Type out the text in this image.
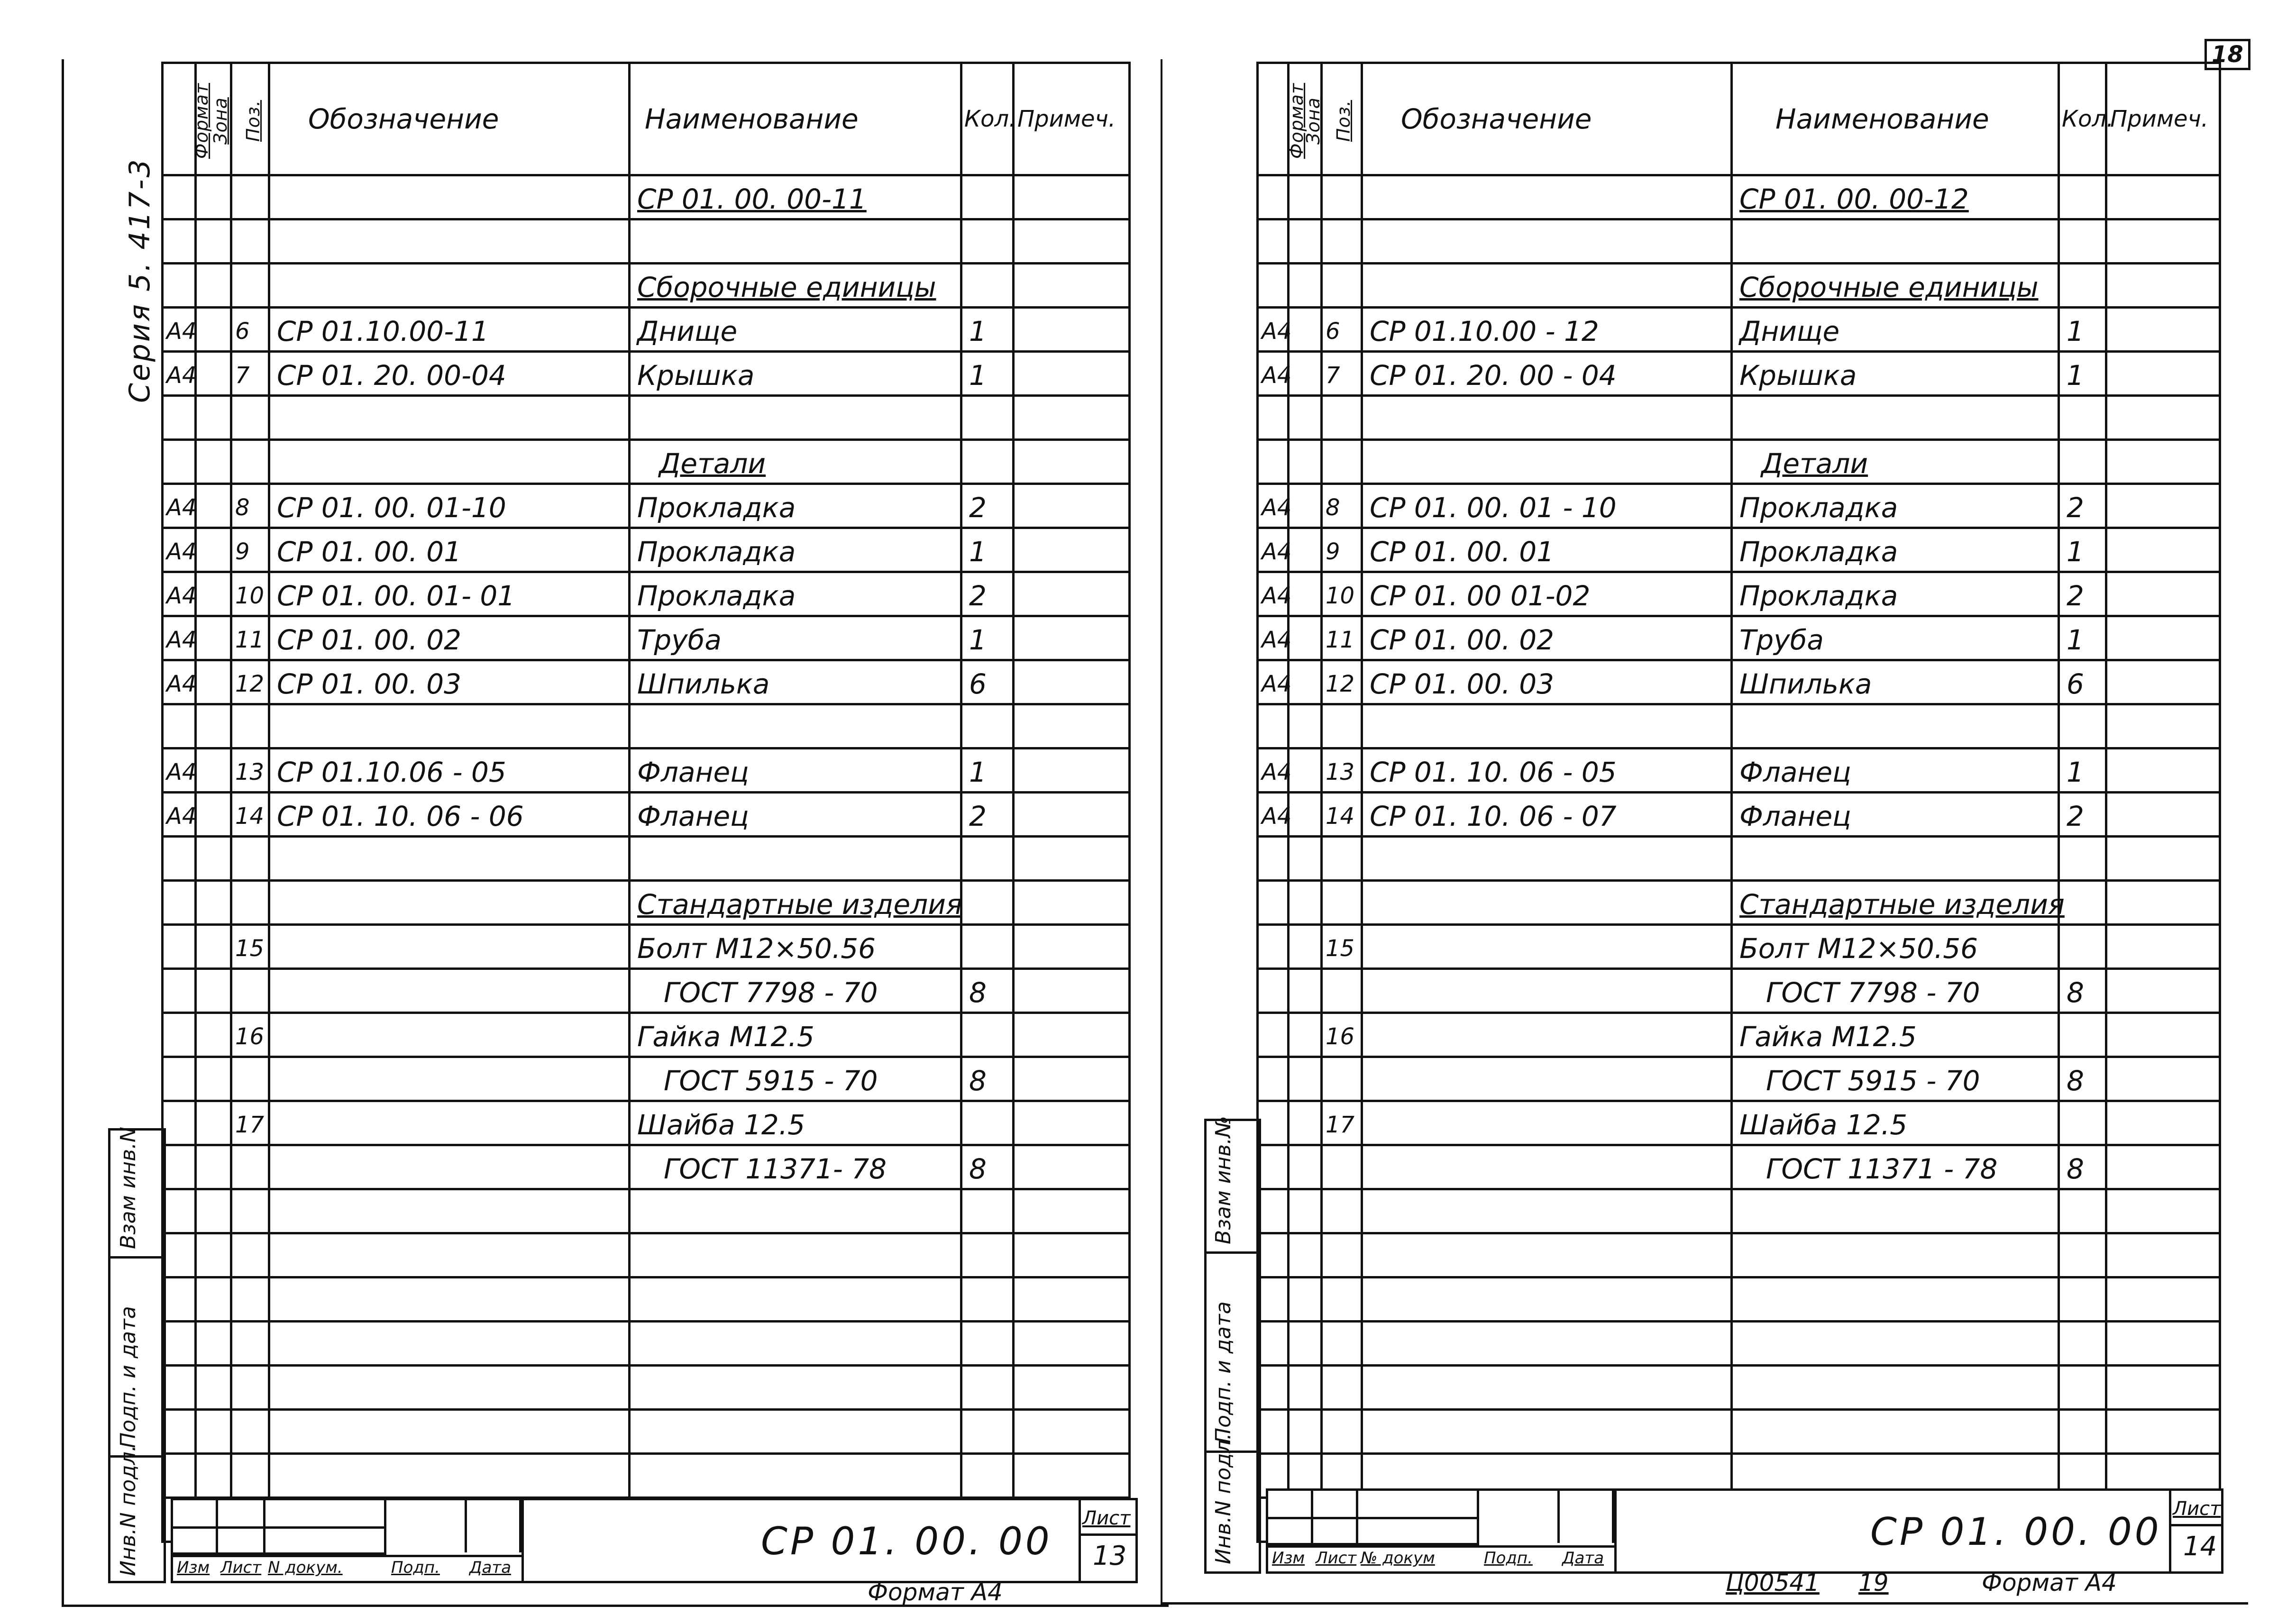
18
Серия 5. 417-3
Формат	Зона	Поз.	Обозначение	Наименование	Кол.	Примеч.
				СР 01. 00. 00-11		

				Сборочные единицы		
А4		6	СР 01.10.00-11	Днище	1	
А4		7	СР 01. 20. 00-04	Крышка	1	

				Детали		
А4		8	СР 01. 00. 01-10	Прокладка	2	
А4		9	СР 01. 00. 01	Прокладка	1	
А4		10	СР 01. 00. 01- 01	Прокладка	2	
А4		11	СР 01. 00. 02	Труба	1	
А4		12	СР 01. 00. 03	Шпилька	6	

А4		13	СР 01.10.06 - 05	Фланец	1	
А4		14	СР 01. 10. 06 - 06	Фланец	2	

				Стандартные изделия		
		15		Болт М12×50.56		
				ГОСТ 7798 - 70	8	
		16		Гайка М12.5		
				ГОСТ 5915 - 70	8	
		17		Шайба 12.5		
				ГОСТ 11371- 78	8	

Взам инв.N
Подп. и дата
Инв.N подл. Изм Лист N докум.	Подп. Дата
СР 01. 00. 00
Лист
13
Формат А4
Формат	Зона	Поз.	Обозначение	Наименование	Кол.	Примеч.
				СР 01. 00. 00-12		

				Сборочные единицы		
А4		6	СР 01.10.00 - 12	Днище	1	
А4		7	СР 01. 20. 00 - 04	Крышка	1	

				Детали		
А4		8	СР 01. 00. 01 - 10	Прокладка	2	
А4		9	СР 01. 00. 01	Прокладка	1	
А4		10	СР 01. 00 01-02	Прокладка	2	
А4		11	СР 01. 00. 02	Труба	1	
А4		12	СР 01. 00. 03	Шпилька	6	

А4		13	СР 01. 10. 06 - 05	Фланец	1	
А4		14	СР 01. 10. 06 - 07	Фланец	2	

				Стандартные изделия		
		15		Болт М12×50.56		
				ГОСТ 7798 - 70	8	
		16		Гайка М12.5		
				ГОСТ 5915 - 70	8	
		17		Шайба 12.5		
				ГОСТ 11371 - 78	8	

Взам инв.№
Подп. и дата
Инв.N подл. Изм Лист № докум	Подп. Дата
СР 01. 00. 00
Лист
14
Ц00541 19	Формат А4
